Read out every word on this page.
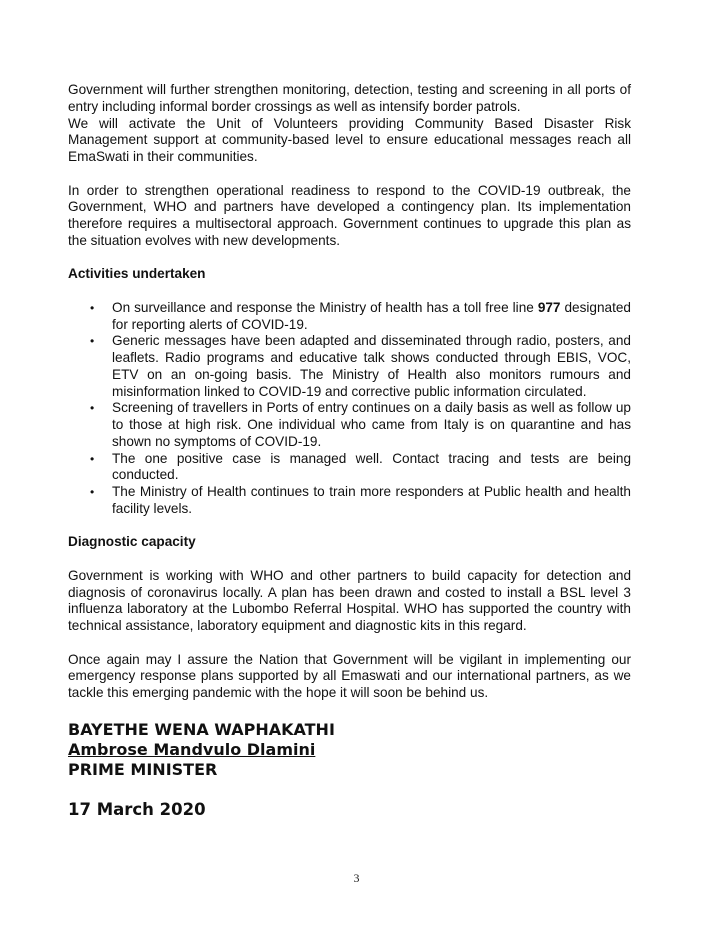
Government will further strengthen monitoring, detection, testing and screening in all ports of entry including informal border crossings as well as intensify border patrols.

We will activate the Unit of Volunteers providing Community Based Disaster Risk Management support at community-based level to ensure educational messages reach all EmaSwati in their communities.

In order to strengthen operational readiness to respond to the COVID-19 outbreak, the Government, WHO and partners have developed a contingency plan. Its implementation therefore requires a multisectoral approach. Government continues to upgrade this plan as the situation evolves with new developments.

Activities undertaken

• On surveillance and response the Ministry of health has a toll free line 977 designated for reporting alerts of COVID-19.
• Generic messages have been adapted and disseminated through radio, posters, and leaflets. Radio programs and educative talk shows conducted through EBIS, VOC, ETV on an on-going basis. The Ministry of Health also monitors rumours and misinformation linked to COVID-19 and corrective public information circulated.
• Screening of travellers in Ports of entry continues on a daily basis as well as follow up to those at high risk. One individual who came from Italy is on quarantine and has shown no symptoms of COVID-19.
• The one positive case is managed well. Contact tracing and tests are being conducted.
• The Ministry of Health continues to train more responders at Public health and health facility levels.

Diagnostic capacity

Government is working with WHO and other partners to build capacity for detection and diagnosis of coronavirus locally. A plan has been drawn and costed to install a BSL level 3 influenza laboratory at the Lubombo Referral Hospital. WHO has supported the country with technical assistance, laboratory equipment and diagnostic kits in this regard.

Once again may I assure the Nation that Government will be vigilant in implementing our emergency response plans supported by all Emaswati and our international partners, as we tackle this emerging pandemic with the hope it will soon be behind us.

BAYETHE WENA WAPHAKATHI
Ambrose Mandvulo Dlamini
PRIME MINISTER
17 March 2020
3
